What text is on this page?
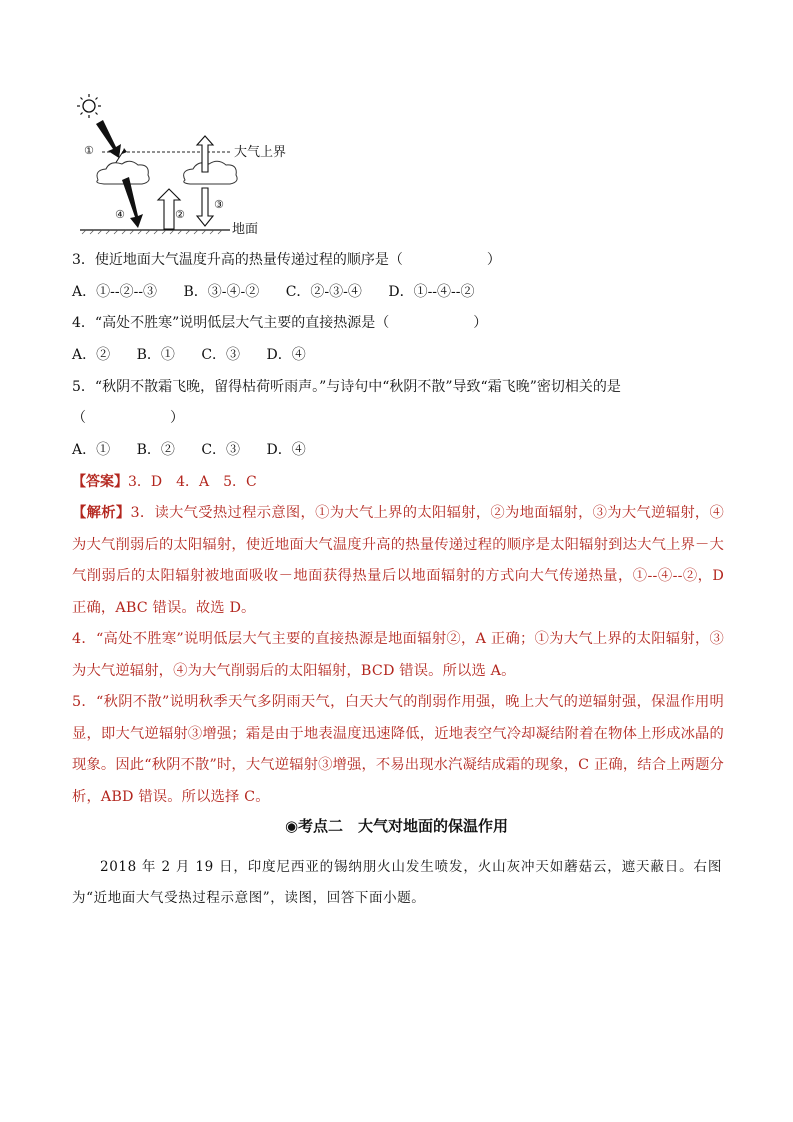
大气上界
①
④	②
③
地面
3．使近地面大气温度升高的热量传递过程的顺序是（　　　　　　）
A．①--②--③ B．③-④-② C．②-③-④ D．①--④--②
4．“高处不胜寒”说明低层大气主要的直接热源是（　　　　　　）
A．② B．① C．③ D．④
5．“秋阴不散霜飞晚，留得枯荷听雨声。”与诗句中“秋阴不散”导致“霜飞晚”密切相关的是
（　　　　　　）
A．① B．② C．③ D．④
【答案】3．D　4．A　5．C
【解析】3．读大气受热过程示意图，①为大气上界的太阳辐射，②为地面辐射，③为大气逆辐射，④为大气削弱后的太阳辐射，使近地面大气温度升高的热量传递过程的顺序是太阳辐射到达大气上界－大气削弱后的太阳辐射被地面吸收－地面获得热量后以地面辐射的方式向大气传递热量，①--④--②，D 正确，ABC 错误。故选 D。
4．“高处不胜寒”说明低层大气主要的直接热源是地面辐射②，A 正确；①为大气上界的太阳辐射，③为大气逆辐射，④为大气削弱后的太阳辐射，BCD 错误。所以选 A。
5．“秋阴不散”说明秋季天气多阴雨天气，白天大气的削弱作用强，晚上大气的逆辐射强，保温作用明显，即大气逆辐射③增强；霜是由于地表温度迅速降低，近地表空气冷却凝结附着在物体上形成冰晶的现象。因此“秋阴不散”时，大气逆辐射③增强，不易出现水汽凝结成霜的现象，C 正确，结合上两题分析，ABD 错误。所以选择 C。
◉考点二　大气对地面的保温作用
2018 年 2 月 19 日，印度尼西亚的锡纳朋火山发生喷发，火山灰冲天如蘑菇云，遮天蔽日。右图为“近地面大气受热过程示意图”，读图，回答下面小题。
